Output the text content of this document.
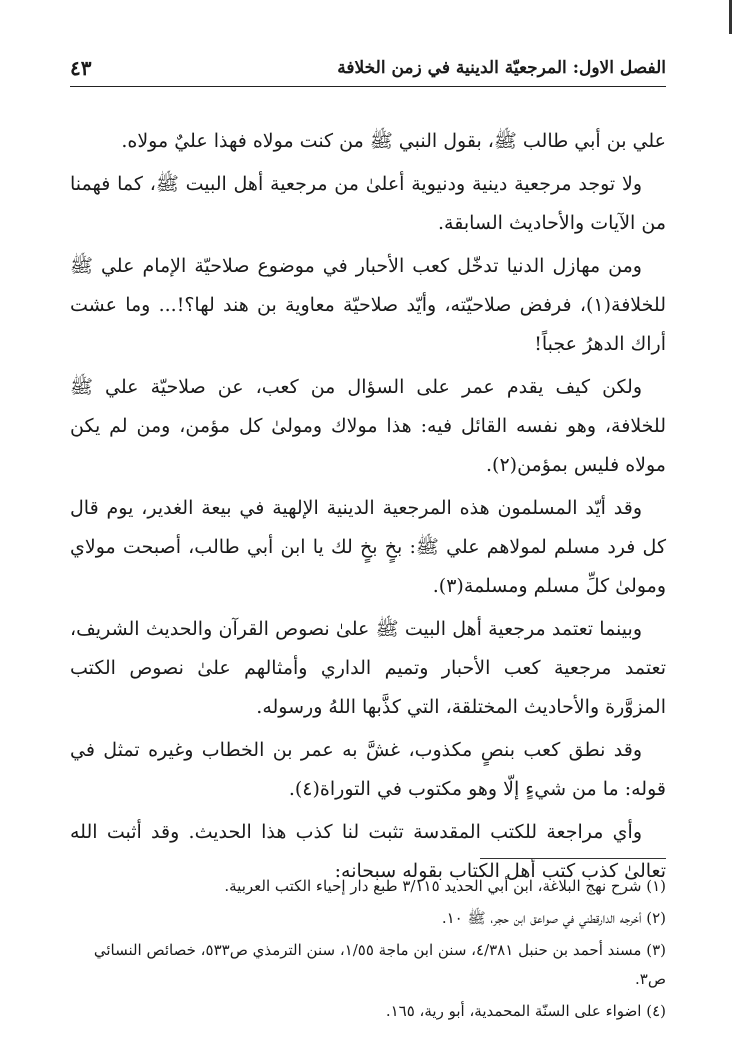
الفصل الاول: المرجعيّة الدينية في زمن الخلافة
٤٣

علي بن أبي طالب ﷺ، بقول النبي ﷺ من كنت مولاه فهذا عليٌ مولاه.

ولا توجد مرجعية دينية ودنيوية أعلىٰ من مرجعية أهل البيت ﷺ، كما فهمنا من الآيات والأحاديث السابقة.

ومن مهازل الدنيا تدخّل كعب الأحبار في موضوع صلاحيّة الإمام علي ﷺ للخلافة(١)، فرفض صلاحيّته، وأيّد صلاحيّة معاوية بن هند لها؟!... وما عشت أراك الدهرُ عجباً!

ولكن كيف يقدم عمر على السؤال من كعب، عن صلاحيّة علي ﷺ للخلافة، وهو نفسه القائل فيه: هذا مولاك ومولىٰ كل مؤمن، ومن لم يكن مولاه فليس بمؤمن(٢).

وقد أيّد المسلمون هذه المرجعية الدينية الإلهية في بيعة الغدير، يوم قال كل فرد مسلم لمولاهم علي ﷺ: بخٍ بخٍ لك يا ابن أبي طالب، أصبحت مولاي ومولىٰ كلِّ مسلم ومسلمة(٣).

وبينما تعتمد مرجعية أهل البيت ﷺ علىٰ نصوص القرآن والحديث الشريف، تعتمد مرجعية كعب الأحبار وتميم الداري وأمثالهم علىٰ نصوص الكتب المزوَّرة والأحاديث المختلقة، التي كذَّبها اللهُ ورسوله.

وقد نطق كعب بنصٍ مكذوب، غشَّ به عمر بن الخطاب وغيره تمثل في قوله: ما من شيءٍ إلّا وهو مكتوب في التوراة(٤).

وأي مراجعة للكتب المقدسة تثبت لنا كذب هذا الحديث. وقد أثبت الله تعالىٰ كذب كتب أهل الكتاب بقوله سبحانه:

(١) شرح نهج البلاغة، ابن أبي الحديد ٣/١١٥ طبع دار إحياء الكتب العربية.

(٢) أخرجه الدارقطني في صواعق ابن حجر، ﷺ ١٠.

(٣) مسند أحمد بن حنبل ٤/٣٨١، سنن ابن ماجة ١/٥٥، سنن الترمذي ص٥٣٣، خصائص النسائي ص٣.

(٤) اضواء على السنّة المحمدية، أبو رية، ١٦٥.
